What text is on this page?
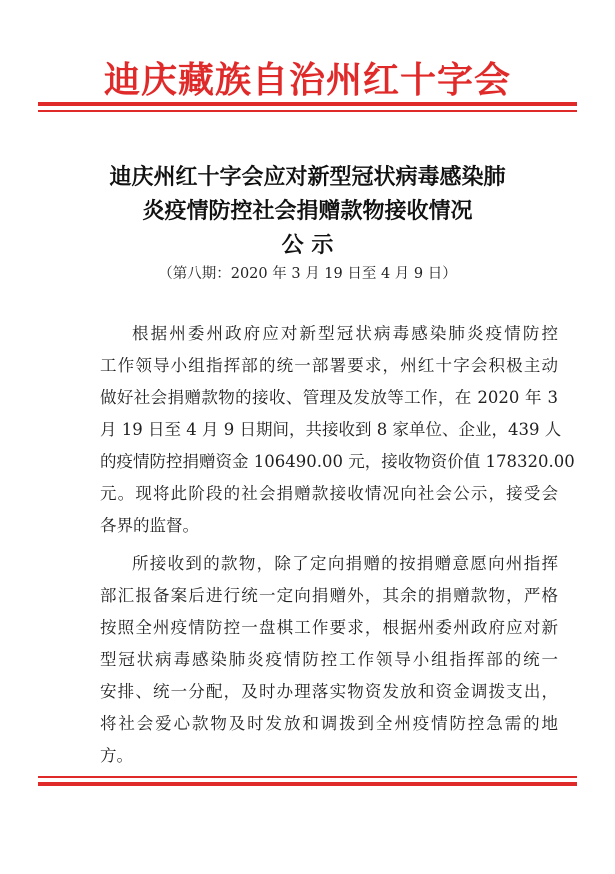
迪庆藏族自治州红十字会
迪庆州红十字会应对新型冠状病毒感染肺
炎疫情防控社会捐赠款物接收情况
公 示
（第八期：2020 年 3 月 19 日至 4 月 9 日）
根据州委州政府应对新型冠状病毒感染肺炎疫情防控
工作领导小组指挥部的统一部署要求，州红十字会积极主动
做好社会捐赠款物的接收、管理及发放等工作，在 2020 年 3
月 19 日至 4 月 9 日期间，共接收到 8 家单位、企业，439 人
的疫情防控捐赠资金 106490.00 元，接收物资价值 178320.00
元。现将此阶段的社会捐赠款接收情况向社会公示，接受会
各界的监督。
所接收到的款物，除了定向捐赠的按捐赠意愿向州指挥
部汇报备案后进行统一定向捐赠外，其余的捐赠款物，严格
按照全州疫情防控一盘棋工作要求，根据州委州政府应对新
型冠状病毒感染肺炎疫情防控工作领导小组指挥部的统一
安排、统一分配，及时办理落实物资发放和资金调拨支出，
将社会爱心款物及时发放和调拨到全州疫情防控急需的地
方。
